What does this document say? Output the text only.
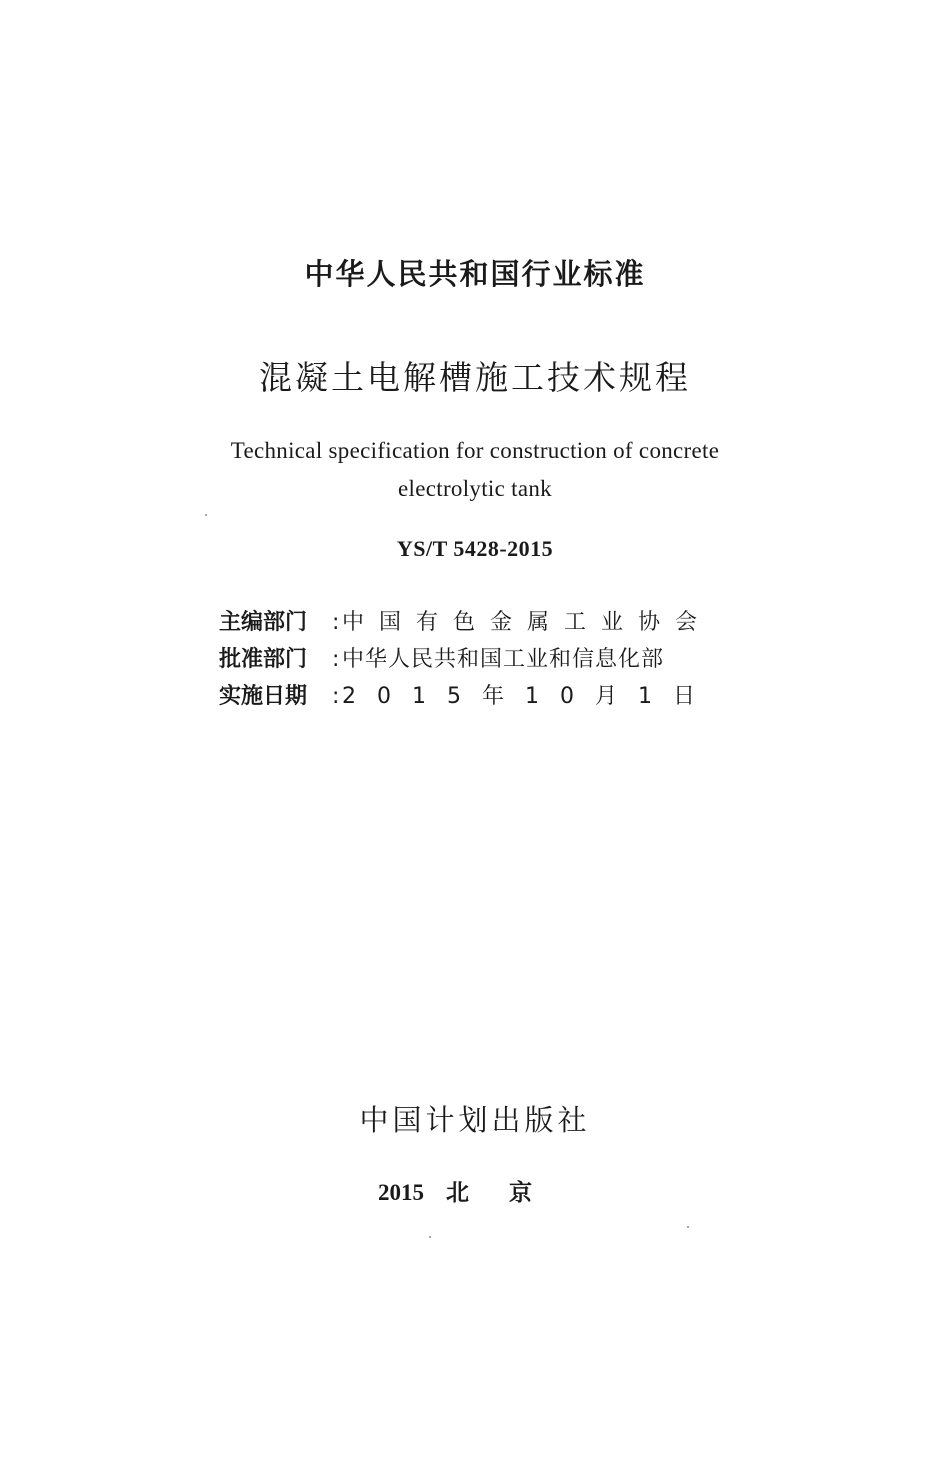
中华人民共和国行业标准
混凝土电解槽施工技术规程
Technical specification for construction of concrete
electrolytic tank
YS/T 5428-2015
主编部门	: 中国有色金属工业协会
批准部门	: 中华人民共和国工业和信息化部
实施日期	: 2015年10月1日
中国计划出版社
2015 北京
